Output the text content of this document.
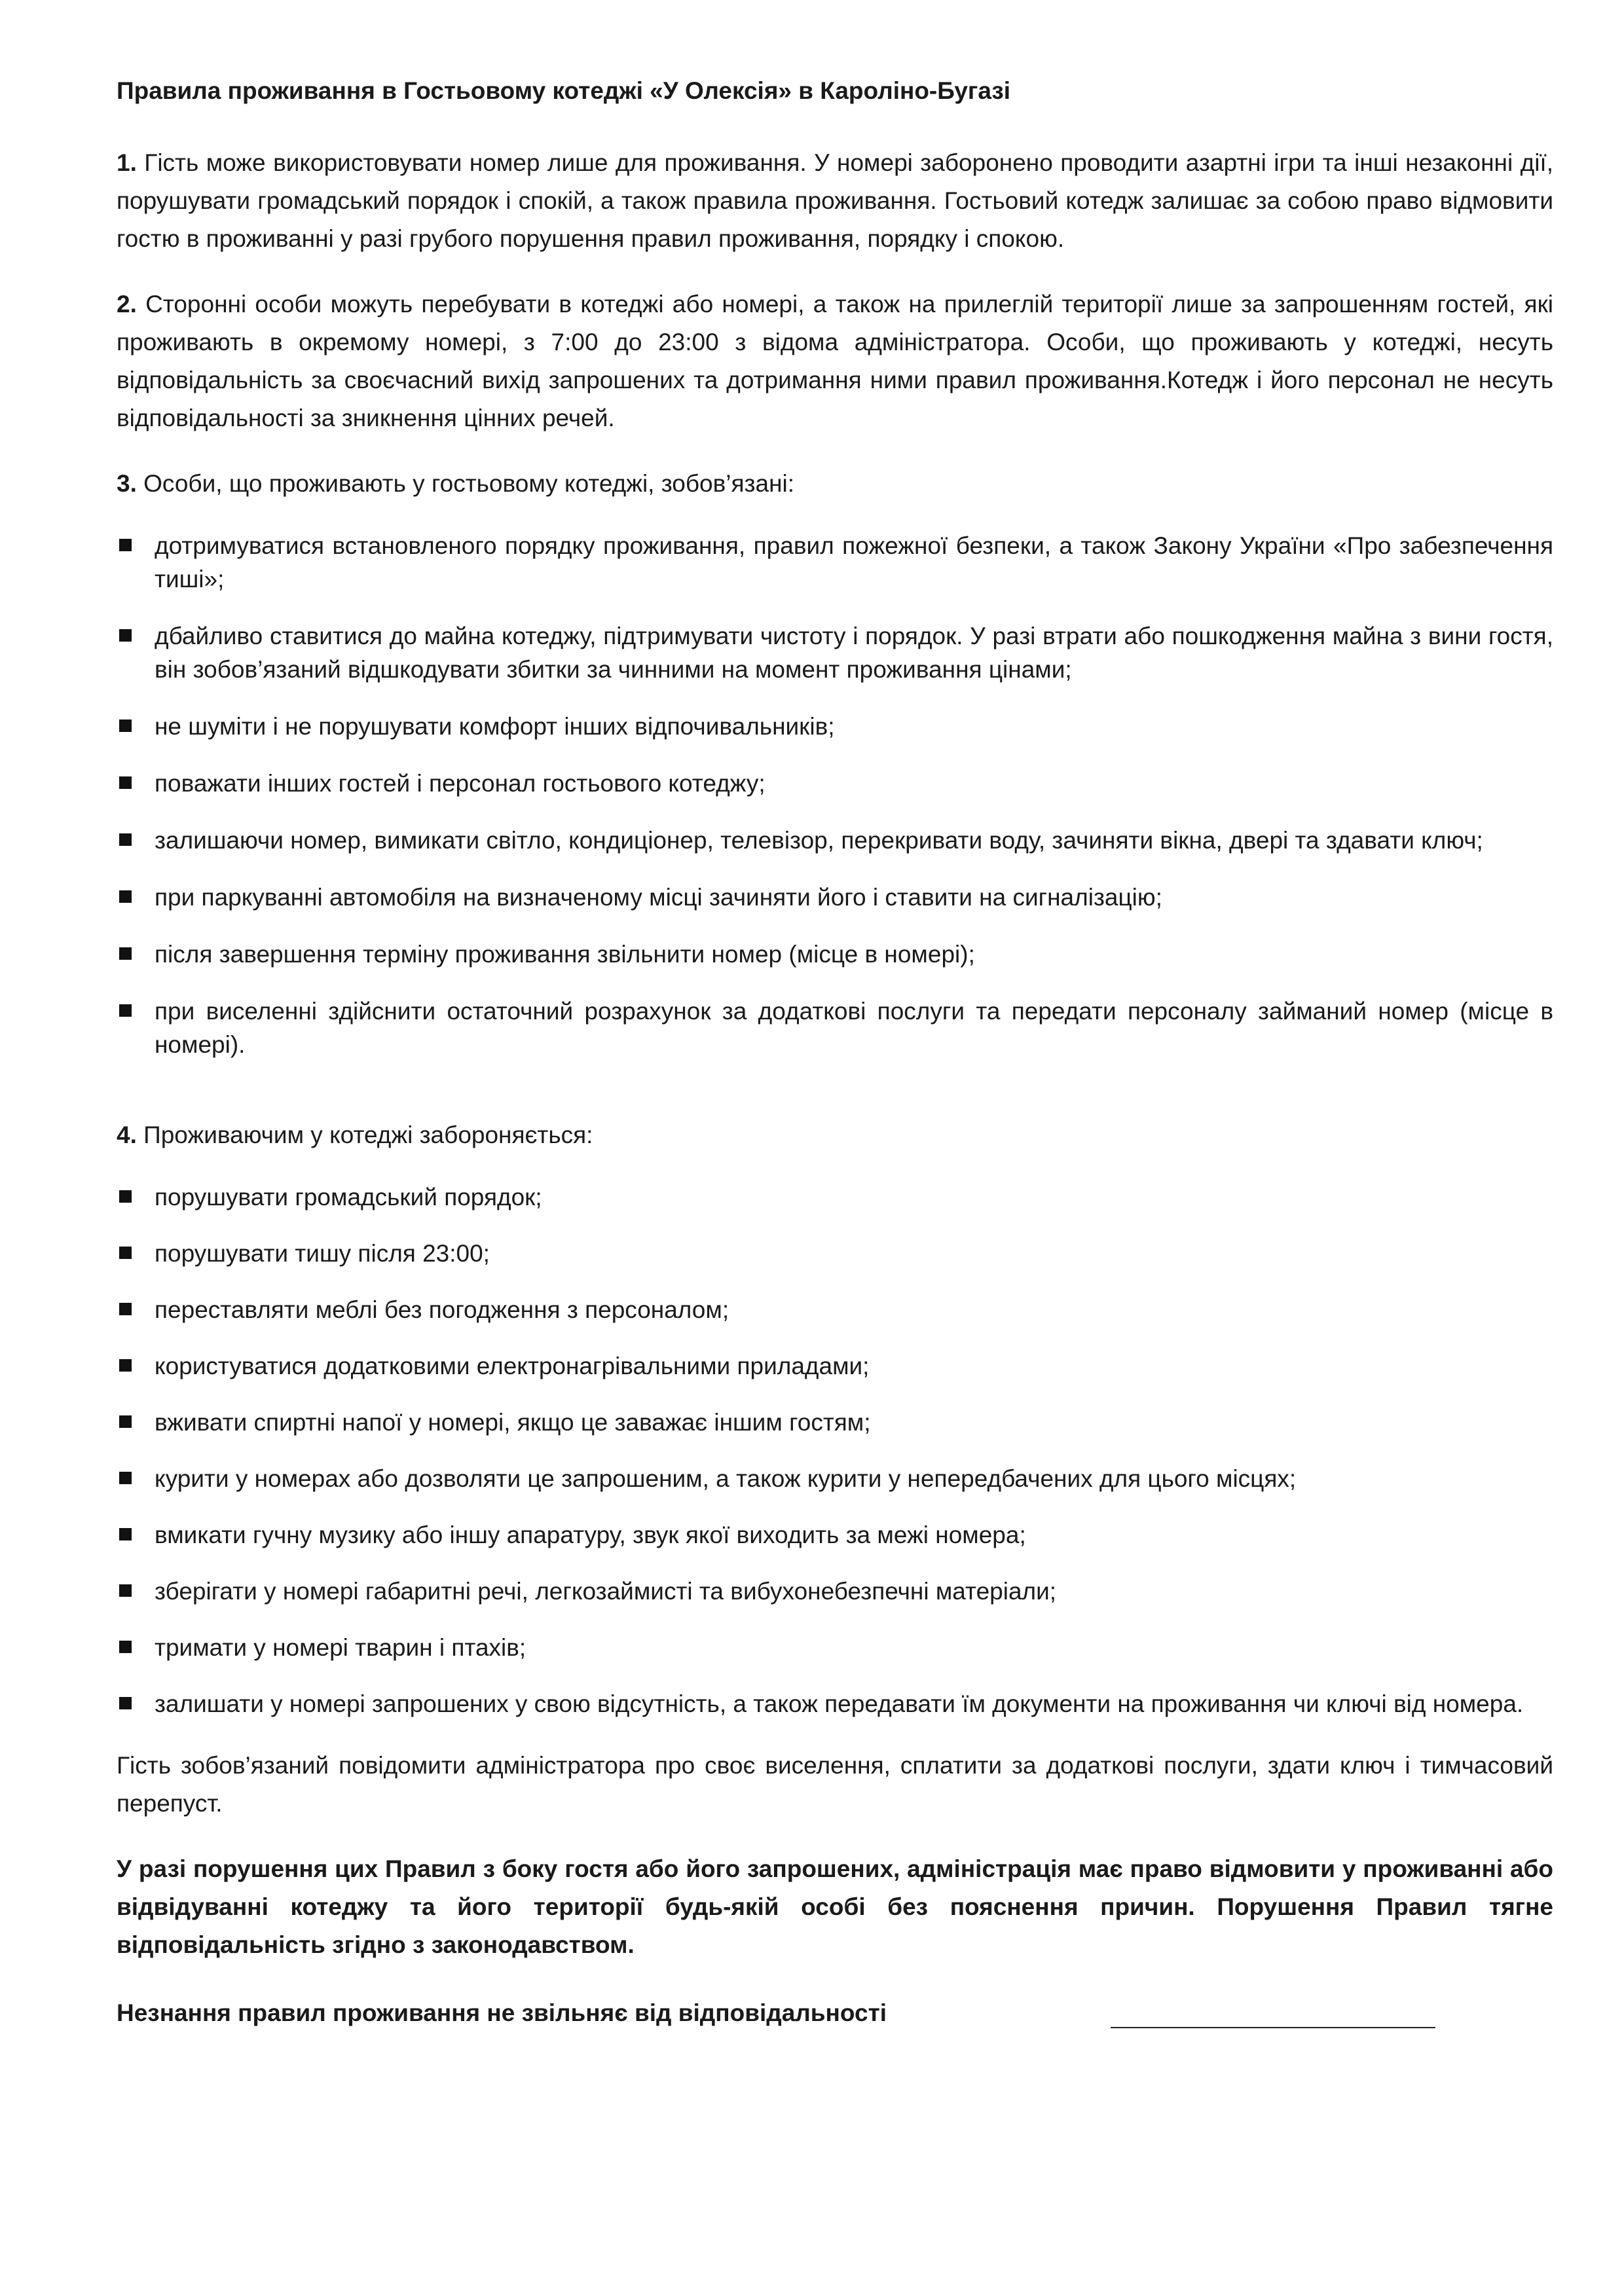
Правила проживання в Гостьовому котеджі «У Олексія» в Кароліно-Бугазі

1. Гість може використовувати номер лише для проживання. У номері заборонено проводити азартні ігри та інші незаконні дії, порушувати громадський порядок і спокій, а також правила проживання. Гостьовий котедж залишає за собою право відмовити гостю в проживанні у разі грубого порушення правил проживання, порядку і спокою.

2. Сторонні особи можуть перебувати в котеджі або номері, а також на прилеглій території лише за запрошенням гостей, які проживають в окремому номері, з 7:00 до 23:00 з відома адміністратора. Особи, що проживають у котеджі, несуть відповідальність за своєчасний вихід запрошених та дотримання ними правил проживання.Котедж і його персонал не несуть відповідальності за зникнення цінних речей.

3. Особи, що проживають у гостьовому котеджі, зобов’язані:

дотримуватися встановленого порядку проживання, правил пожежної безпеки, а також Закону України «Про забезпечення тиші»;
дбайливо ставитися до майна котеджу, підтримувати чистоту і порядок. У разі втрати або пошкодження майна з вини гостя, він зобов’язаний відшкодувати збитки за чинними на момент проживання цінами;
не шуміти і не порушувати комфорт інших відпочивальників;
поважати інших гостей і персонал гостьового котеджу;
залишаючи номер, вимикати світло, кондиціонер, телевізор, перекривати воду, зачиняти вікна, двері та здавати ключ;
при паркуванні автомобіля на визначеному місці зачиняти його і ставити на сигналізацію;
після завершення терміну проживання звільнити номер (місце в номері);
при виселенні здійснити остаточний розрахунок за додаткові послуги та передати персоналу займаний номер (місце в номері).

4. Проживаючим у котеджі забороняється:

порушувати громадський порядок;
порушувати тишу після 23:00;
переставляти меблі без погодження з персоналом;
користуватися додатковими електронагрівальними приладами;
вживати спиртні напої у номері, якщо це заважає іншим гостям;
курити у номерах або дозволяти це запрошеним, а також курити у непередбачених для цього місцях;
вмикати гучну музику або іншу апаратуру, звук якої виходить за межі номера;
зберігати у номері габаритні речі, легкозаймисті та вибухонебезпечні матеріали;
тримати у номері тварин і птахів;
залишати у номері запрошених у свою відсутність, а також передавати їм документи на проживання чи ключі від номера.

Гість зобов’язаний повідомити адміністратора про своє виселення, сплатити за додаткові послуги, здати ключ і тимчасовий перепуст.

У разі порушення цих Правил з боку гостя або його запрошених, адміністрація має право відмовити у проживанні або відвідуванні котеджу та його території будь-якій особі без пояснення причин. Порушення Правил тягне відповідальність згідно з законодавством.

Незнання правил проживання не звільняє від відповідальності
